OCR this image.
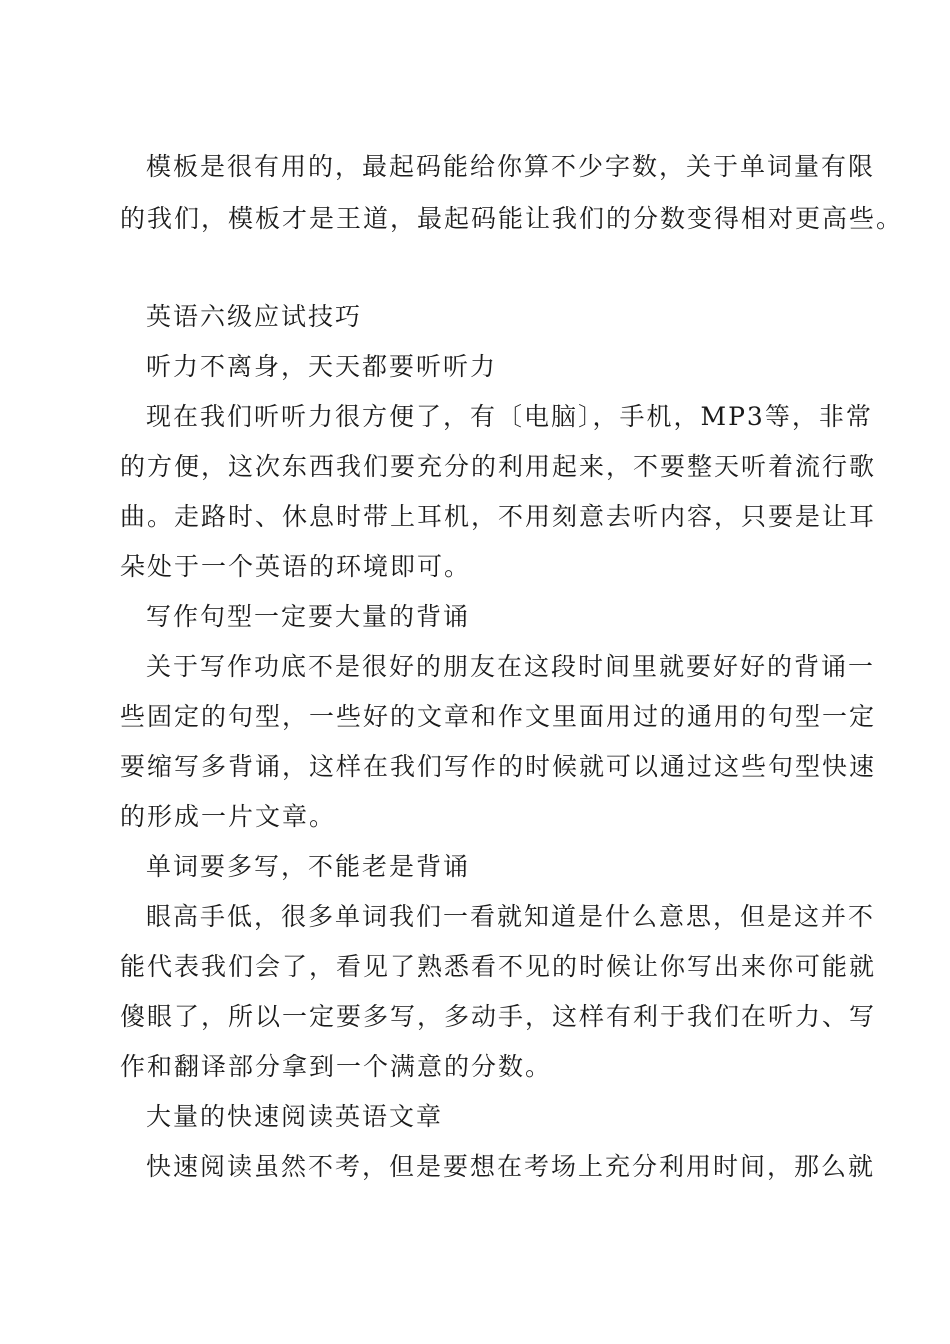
模板是很有用的，最起码能给你算不少字数，关于单词量有限
的我们，模板才是王道，最起码能让我们的分数变得相对更高些。
英语六级应试技巧
听力不离身，天天都要听听力
现在我们听听力很方便了，有〔电脑〕，手机，MP3等，非常
的方便，这次东西我们要充分的利用起来，不要整天听着流行歌
曲。走路时、休息时带上耳机，不用刻意去听内容，只要是让耳
朵处于一个英语的环境即可。
写作句型一定要大量的背诵
关于写作功底不是很好的朋友在这段时间里就要好好的背诵一
些固定的句型，一些好的文章和作文里面用过的通用的句型一定
要缩写多背诵，这样在我们写作的时候就可以通过这些句型快速
的形成一片文章。
单词要多写，不能老是背诵
眼高手低，很多单词我们一看就知道是什么意思，但是这并不
能代表我们会了，看见了熟悉看不见的时候让你写出来你可能就
傻眼了，所以一定要多写，多动手，这样有利于我们在听力、写
作和翻译部分拿到一个满意的分数。
大量的快速阅读英语文章
快速阅读虽然不考，但是要想在考场上充分利用时间，那么就
